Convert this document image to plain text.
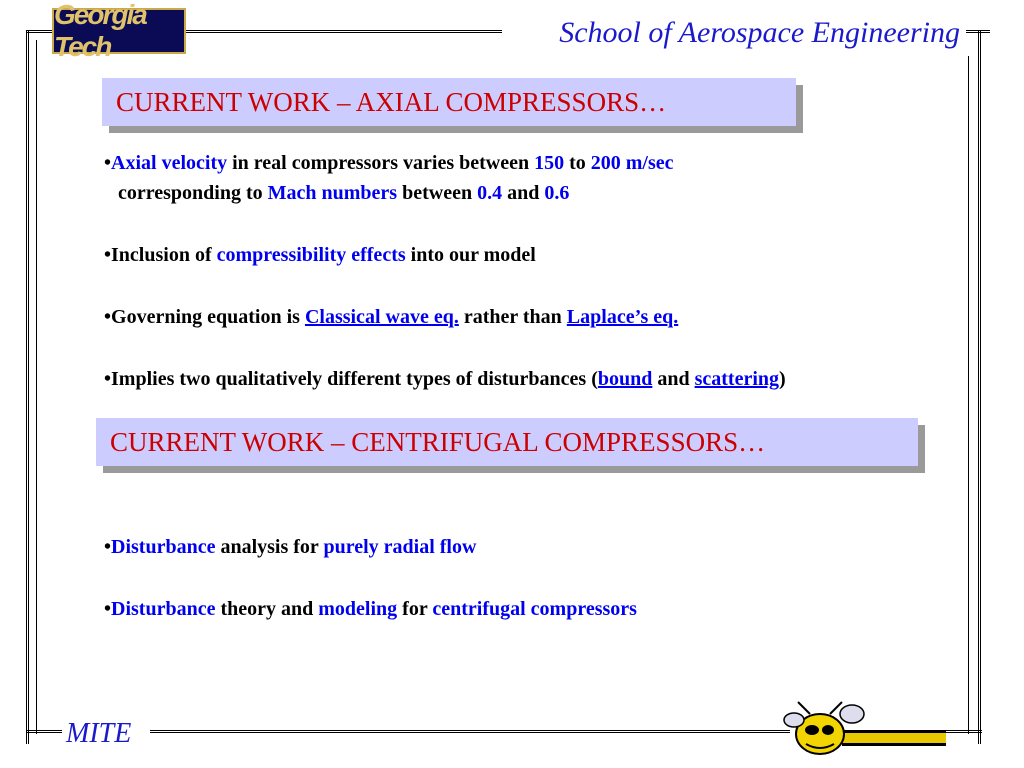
Georgia Tech	School of Aerospace Engineering
CURRENT WORK – AXIAL COMPRESSORS…
•Axial velocity in real compressors varies between 150 to 200 m/sec
corresponding to Mach numbers between 0.4 and 0.6
•Inclusion of compressibility effects into our model
•Governing equation is Classical wave eq. rather than Laplace’s eq.
•Implies two qualitatively different types of disturbances (bound and scattering)
CURRENT WORK – CENTRIFUGAL COMPRESSORS…
•Disturbance analysis for purely radial flow
•Disturbance theory and modeling for centrifugal compressors
MITE
